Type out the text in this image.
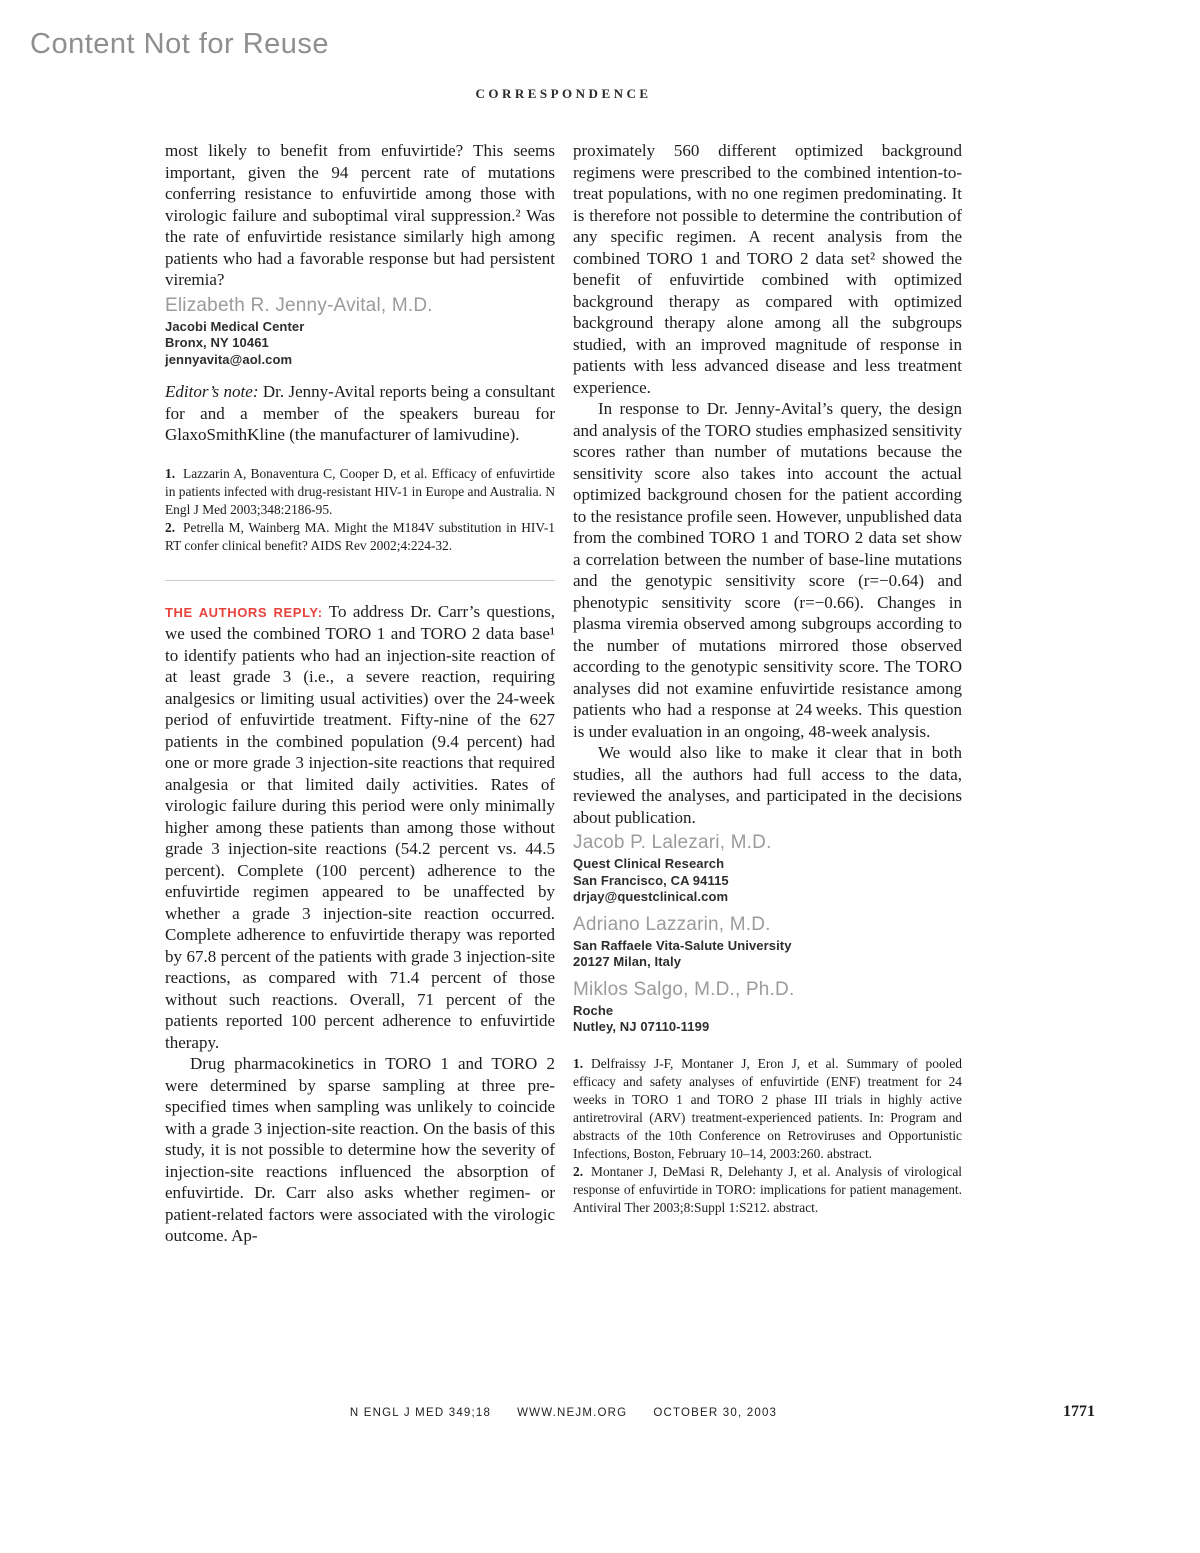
Content Not for Reuse
CORRESPONDENCE

most likely to benefit from enfuvirtide? This seems important, given the 94 percent rate of mutations conferring resistance to enfuvirtide among those with virologic failure and suboptimal viral suppression.² Was the rate of enfuvirtide resistance similarly high among patients who had a favorable response but had persistent viremia?

Elizabeth R. Jenny-Avital, M.D.
Jacobi Medical Center
Bronx, NY 10461
jennyavita@aol.com

Editor’s note: Dr. Jenny-Avital reports being a consultant for and a member of the speakers bureau for GlaxoSmithKline (the manufacturer of lamivudine).

1. Lazzarin A, Bonaventura C, Cooper D, et al. Efficacy of enfuvirtide in patients infected with drug-resistant HIV-1 in Europe and Australia. N Engl J Med 2003;348:2186-95.

2. Petrella M, Wainberg MA. Might the M184V substitution in HIV-1 RT confer clinical benefit? AIDS Rev 2002;4:224-32.

THE AUTHORS REPLY: To address Dr. Carr’s questions, we used the combined TORO 1 and TORO 2 data base¹ to identify patients who had an injection-site reaction of at least grade 3 (i.e., a severe reaction, requiring analgesics or limiting usual activities) over the 24-week period of enfuvirtide treatment. Fifty-nine of the 627 patients in the combined population (9.4 percent) had one or more grade 3 injection-site reactions that required analgesia or that limited daily activities. Rates of virologic failure during this period were only minimally higher among these patients than among those without grade 3 injection-site reactions (54.2 percent vs. 44.5 percent). Complete (100 percent) adherence to the enfuvirtide regimen appeared to be unaffected by whether a grade 3 injection-site reaction occurred. Complete adherence to enfuvirtide therapy was reported by 67.8 percent of the patients with grade 3 injection-site reactions, as compared with 71.4 percent of those without such reactions. Overall, 71 percent of the patients reported 100 percent adherence to enfuvirtide therapy.

Drug pharmacokinetics in TORO 1 and TORO 2 were determined by sparse sampling at three pre-specified times when sampling was unlikely to coincide with a grade 3 injection-site reaction. On the basis of this study, it is not possible to determine how the severity of injection-site reactions influenced the absorption of enfuvirtide. Dr. Carr also asks whether regimen- or patient-related factors were associated with the virologic outcome. Ap-

proximately 560 different optimized background regimens were prescribed to the combined intention-to-treat populations, with no one regimen predominating. It is therefore not possible to determine the contribution of any specific regimen. A recent analysis from the combined TORO 1 and TORO 2 data set² showed the benefit of enfuvirtide combined with optimized background therapy as compared with optimized background therapy alone among all the subgroups studied, with an improved magnitude of response in patients with less advanced disease and less treatment experience.

In response to Dr. Jenny-Avital’s query, the design and analysis of the TORO studies emphasized sensitivity scores rather than number of mutations because the sensitivity score also takes into account the actual optimized background chosen for the patient according to the resistance profile seen. However, unpublished data from the combined TORO 1 and TORO 2 data set show a correlation between the number of base-line mutations and the genotypic sensitivity score (r=−0.64) and phenotypic sensitivity score (r=−0.66). Changes in plasma viremia observed among subgroups according to the number of mutations mirrored those observed according to the genotypic sensitivity score. The TORO analyses did not examine enfuvirtide resistance among patients who had a response at 24 weeks. This question is under evaluation in an ongoing, 48-week analysis.

We would also like to make it clear that in both studies, all the authors had full access to the data, reviewed the analyses, and participated in the decisions about publication.

Jacob P. Lalezari, M.D.
Quest Clinical Research
San Francisco, CA 94115
drjay@questclinical.com
Adriano Lazzarin, M.D.
San Raffaele Vita-Salute University
20127 Milan, Italy
Miklos Salgo, M.D., Ph.D.
Roche
Nutley, NJ 07110-1199

1. Delfraissy J-F, Montaner J, Eron J, et al. Summary of pooled efficacy and safety analyses of enfuvirtide (ENF) treatment for 24 weeks in TORO 1 and TORO 2 phase III trials in highly active antiretroviral (ARV) treatment-experienced patients. In: Program and abstracts of the 10th Conference on Retroviruses and Opportunistic Infections, Boston, February 10–14, 2003:260. abstract.

2. Montaner J, DeMasi R, Delehanty J, et al. Analysis of virological response of enfuvirtide in TORO: implications for patient management. Antiviral Ther 2003;8:Suppl 1:S212. abstract.

N ENGL J MED 349;18 WWW.NEJM.ORG OCTOBER 30, 2003	1771
